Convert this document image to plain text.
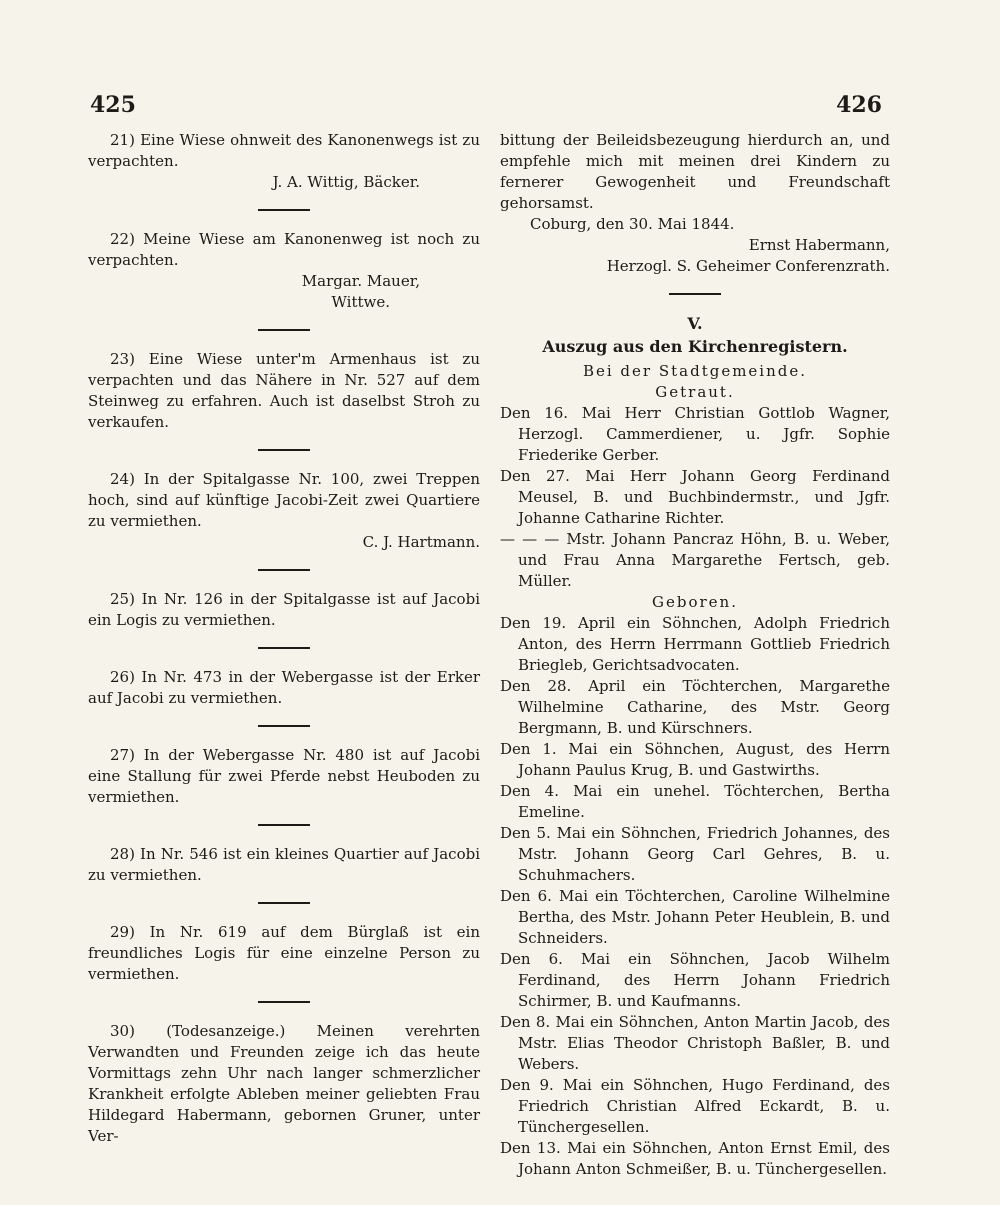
425	426

21) Eine Wiese ohnweit des Kanonenwegs ist zu verpachten.

J. A. Wittig, Bäcker.

22) Meine Wiese am Kanonenweg ist noch zu verpachten.

Margar. Mauer,

Wittwe.

23) Eine Wiese unter'm Armenhaus ist zu verpachten und das Nähere in Nr. 527 auf dem Steinweg zu erfahren. Auch ist daselbst Stroh zu verkaufen.

24) In der Spitalgasse Nr. 100, zwei Treppen hoch, sind auf künftige Jacobi-Zeit zwei Quartiere zu vermiethen.

C. J. Hartmann.

25) In Nr. 126 in der Spitalgasse ist auf Jacobi ein Logis zu vermiethen.

26) In Nr. 473 in der Webergasse ist der Erker auf Jacobi zu vermiethen.

27) In der Webergasse Nr. 480 ist auf Jacobi eine Stallung für zwei Pferde nebst Heuboden zu vermiethen.

28) In Nr. 546 ist ein kleines Quartier auf Jacobi zu vermiethen.

29) In Nr. 619 auf dem Bürglaß ist ein freundliches Logis für eine einzelne Person zu vermiethen.

30) (Todesanzeige.) Meinen verehrten Verwandten und Freunden zeige ich das heute Vormittags zehn Uhr nach langer schmerzlicher Krankheit erfolgte Ableben meiner geliebten Frau Hildegard Habermann, gebornen Gruner, unter Ver-

bittung der Beileidsbezeugung hierdurch an, und empfehle mich mit meinen drei Kindern zu fernerer Gewogenheit und Freundschaft gehorsamst.

Coburg, den 30. Mai 1844.

Ernst Habermann,

Herzogl. S. Geheimer Conferenzrath.

V.

Auszug aus den Kirchenregistern.

Bei der Stadtgemeinde.

Getraut.

Den 16. Mai Herr Christian Gottlob Wagner, Herzogl. Cammerdiener, u. Jgfr. Sophie Friederike Gerber.

Den 27. Mai Herr Johann Georg Ferdinand Meusel, B. und Buchbindermstr., und Jgfr. Johanne Catharine Richter.

— — — Mstr. Johann Pancraz Höhn, B. u. Weber, und Frau Anna Margarethe Fertsch, geb. Müller.

Geboren.

Den 19. April ein Söhnchen, Adolph Friedrich Anton, des Herrn Herrmann Gottlieb Friedrich Briegleb, Gerichtsadvocaten.

Den 28. April ein Töchterchen, Margarethe Wilhelmine Catharine, des Mstr. Georg Bergmann, B. und Kürschners.

Den 1. Mai ein Söhnchen, August, des Herrn Johann Paulus Krug, B. und Gastwirths.

Den 4. Mai ein unehel. Töchterchen, Bertha Emeline.

Den 5. Mai ein Söhnchen, Friedrich Johannes, des Mstr. Johann Georg Carl Gehres, B. u. Schuhmachers.

Den 6. Mai ein Töchterchen, Caroline Wilhelmine Bertha, des Mstr. Johann Peter Heublein, B. und Schneiders.

Den 6. Mai ein Söhnchen, Jacob Wilhelm Ferdinand, des Herrn Johann Friedrich Schirmer, B. und Kaufmanns.

Den 8. Mai ein Söhnchen, Anton Martin Jacob, des Mstr. Elias Theodor Christoph Baßler, B. und Webers.

Den 9. Mai ein Söhnchen, Hugo Ferdinand, des Friedrich Christian Alfred Eckardt, B. u. Tünchergesellen.

Den 13. Mai ein Söhnchen, Anton Ernst Emil, des Johann Anton Schmeißer, B. u. Tünchergesellen.
